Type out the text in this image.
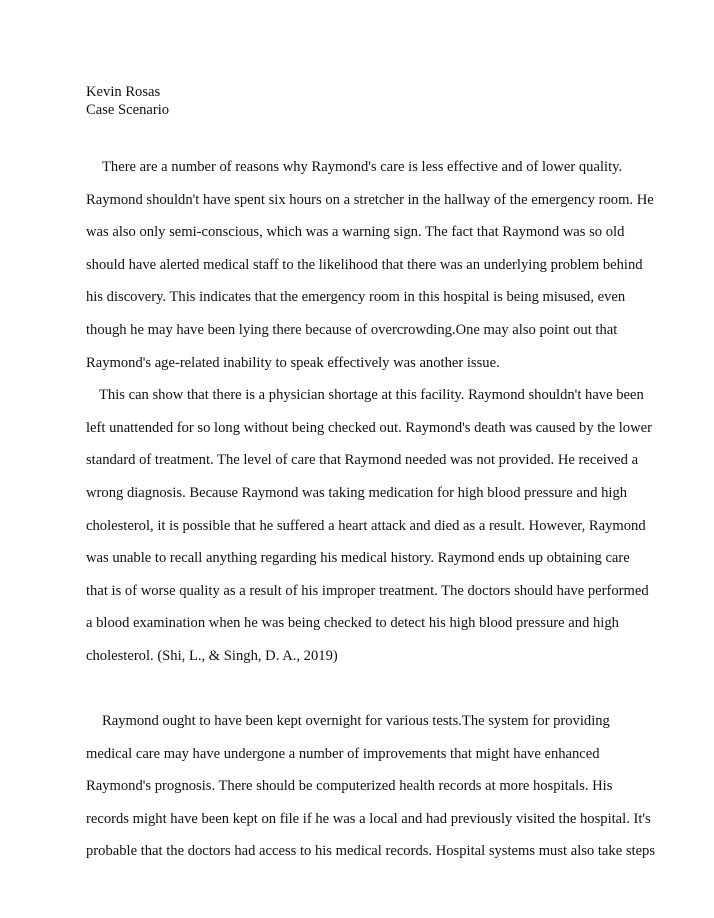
Kevin Rosas
Case Scenario
There are a number of reasons why Raymond's care is less effective and of lower quality.
Raymond shouldn't have spent six hours on a stretcher in the hallway of the emergency room. He
was also only semi-conscious, which was a warning sign. The fact that Raymond was so old
should have alerted medical staff to the likelihood that there was an underlying problem behind
his discovery. This indicates that the emergency room in this hospital is being misused, even
though he may have been lying there because of overcrowding.One may also point out that
Raymond's age-related inability to speak effectively was another issue.
This can show that there is a physician shortage at this facility. Raymond shouldn't have been
left unattended for so long without being checked out. Raymond's death was caused by the lower
standard of treatment. The level of care that Raymond needed was not provided. He received a
wrong diagnosis. Because Raymond was taking medication for high blood pressure and high
cholesterol, it is possible that he suffered a heart attack and died as a result. However, Raymond
was unable to recall anything regarding his medical history. Raymond ends up obtaining care
that is of worse quality as a result of his improper treatment. The doctors should have performed
a blood examination when he was being checked to detect his high blood pressure and high
cholesterol. (Shi, L., & Singh, D. A., 2019)
Raymond ought to have been kept overnight for various tests.The system for providing
medical care may have undergone a number of improvements that might have enhanced
Raymond's prognosis. There should be computerized health records at more hospitals. His
records might have been kept on file if he was a local and had previously visited the hospital. It's
probable that the doctors had access to his medical records. Hospital systems must also take steps
